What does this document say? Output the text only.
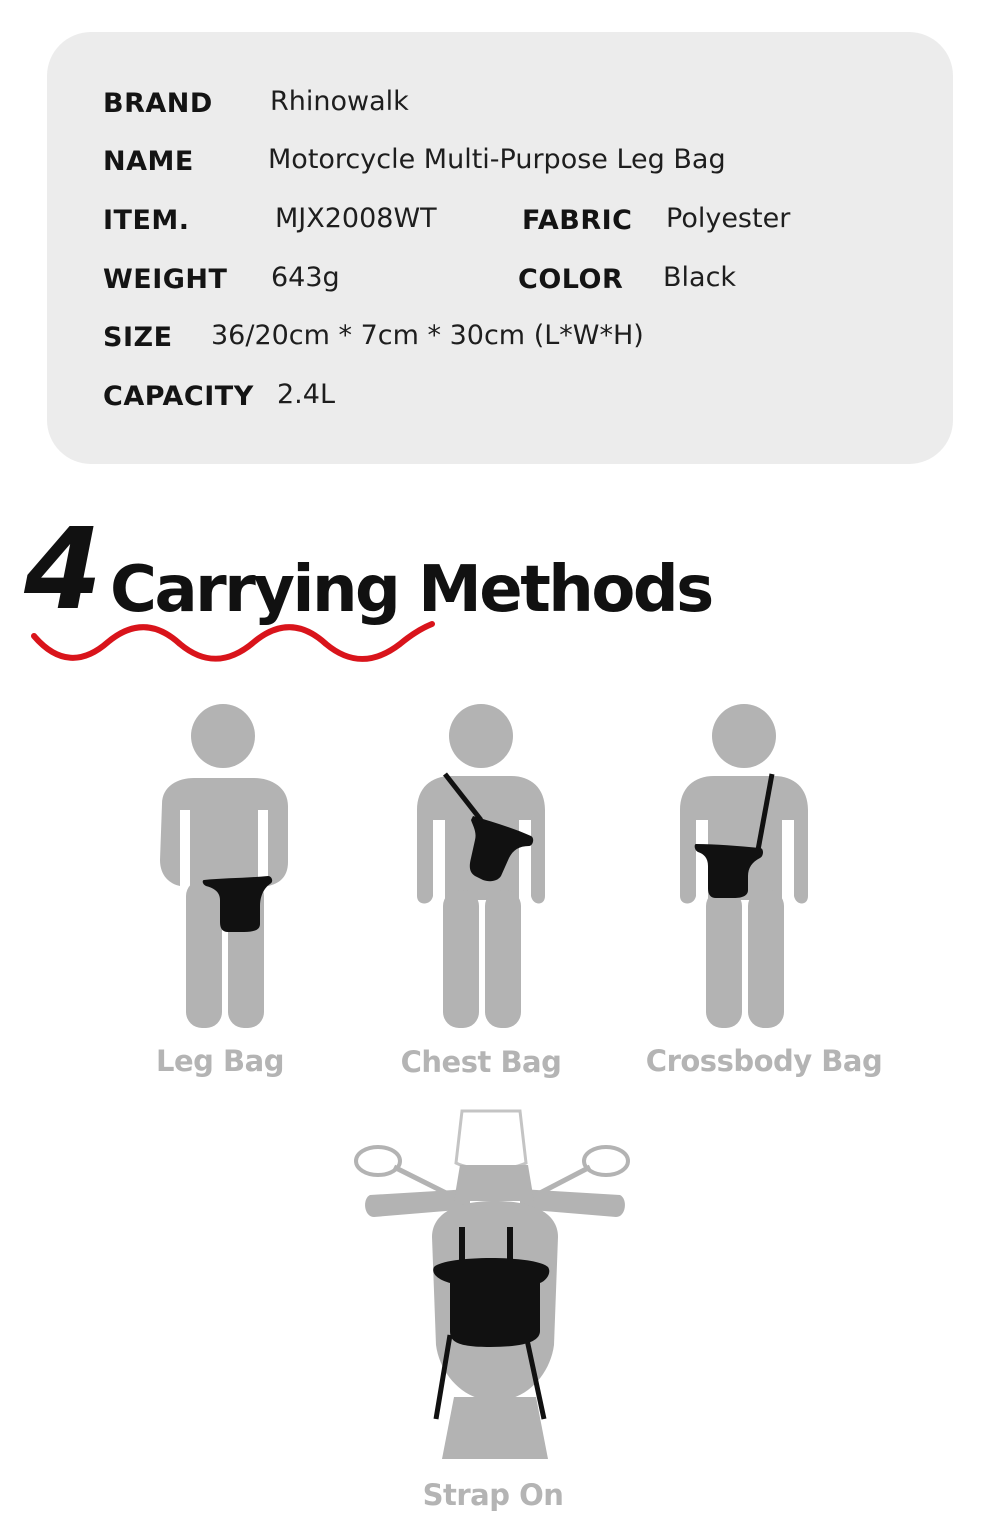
BRAND Rhinowalk
NAME	Motorcycle Multi-Purpose Leg Bag
ITEM.	MJX2008WT	FABRIC Polyester
WEIGHT 643g	COLOR Black
SIZE 36/20cm * 7cm * 30cm (L*W*H)
CAPACITY 2.4L
4 Carrying Methods
Leg Bag	Chest Bag	Crossbody Bag
Strap On
